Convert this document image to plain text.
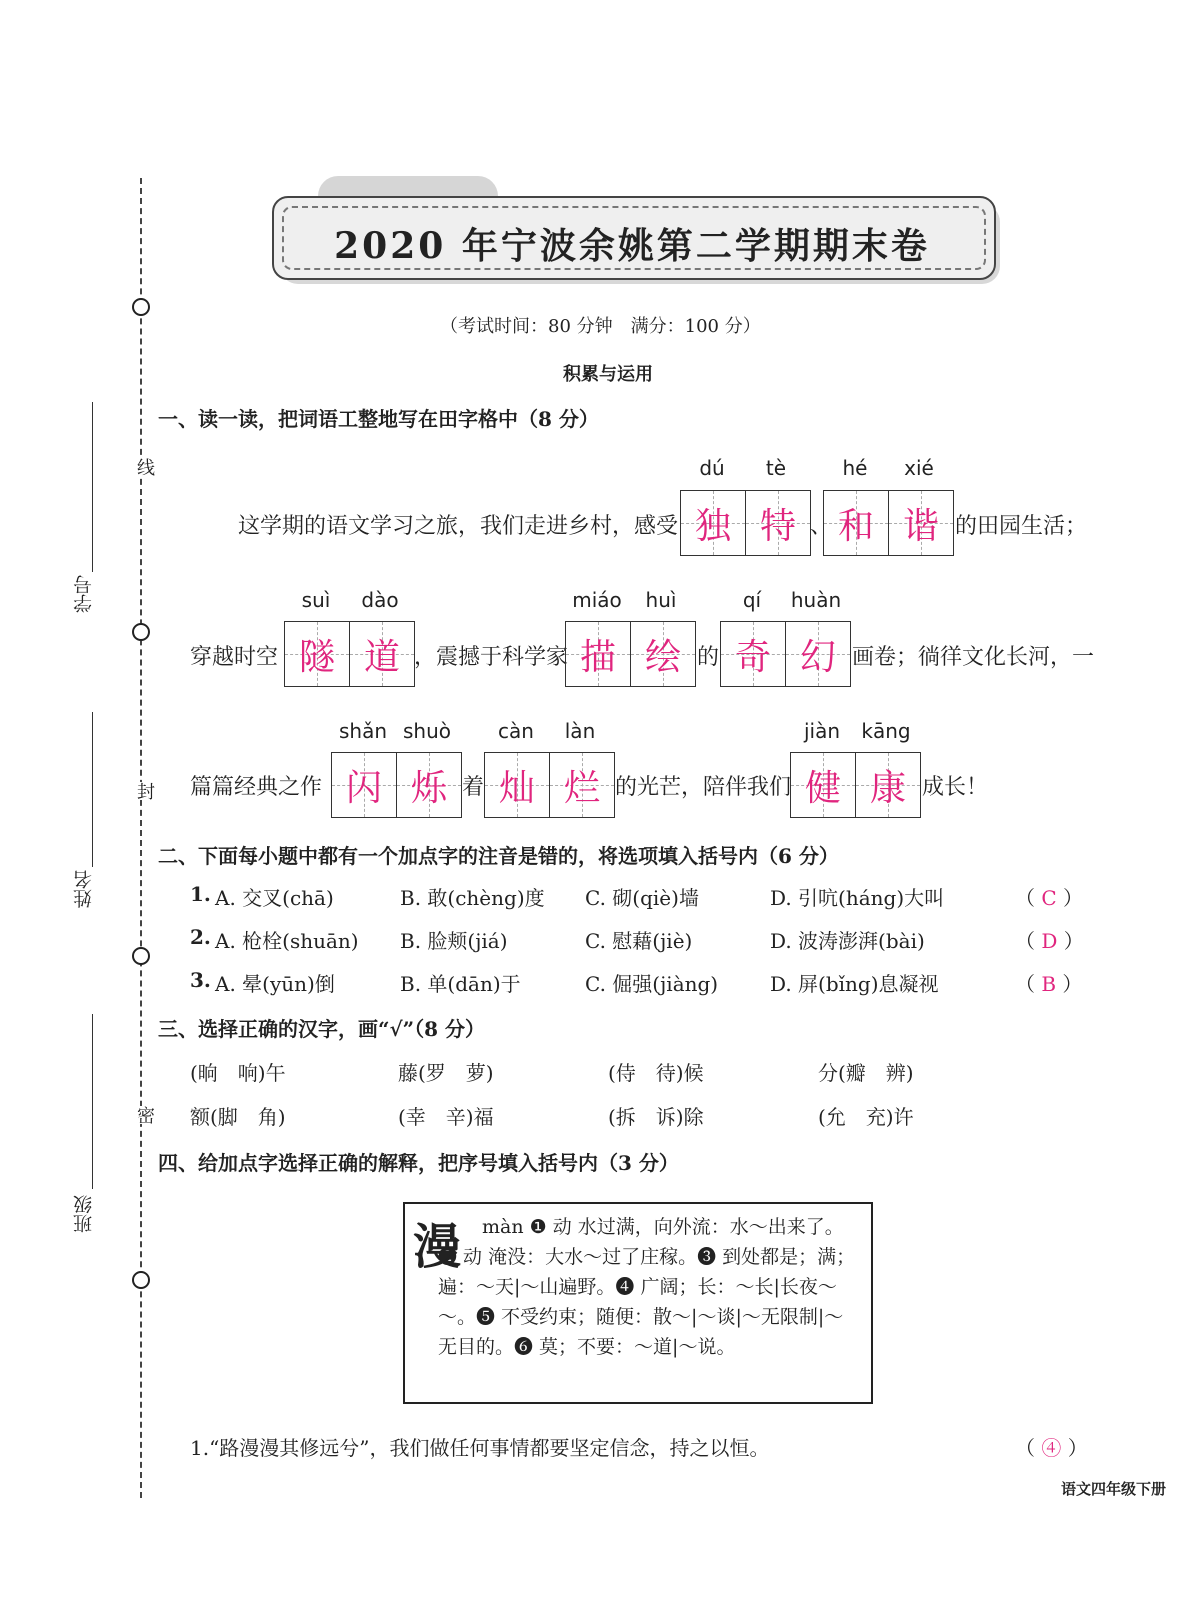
线
封
密
学号
姓名
班级
2020 年宁波余姚第二学期期末卷
（考试时间：80 分钟　满分：100 分）
积累与运用
一、读一读，把词语工整地写在田字格中（8 分）
dú	tè	hé	xié
这学期的语文学习之旅，我们走进乡村，感受 独 特 、 和 谐 的田园生活；
suì	dào	miáo	huì	qí	huàn
穿越时空 隧 道 ，震撼于科学家 描 绘 的 奇 幻 画卷；徜徉文化长河，一
shǎn shuò	càn	làn	jiàn	kāng
篇篇经典之作 闪 烁 着 灿 烂 的光芒，陪伴我们 健 康 成长！
二、下面每小题中都有一个加点字的注音是错的，将选项填入括号内（6 分）
1. A. 交叉(chā)	B. 敢(chèng)度 C. 砌(qiè)墙	D. 引吭(háng)大叫	（ C ）
2. A. 枪栓(shuān) B. 脸颊(jiá)	C. 慰藉(jiè)	D. 波涛澎湃(bài)	（ D ）
3. A. 晕(yūn)倒	B. 单(dān)于	C. 倔强(jiàng)	D. 屏(bǐng)息凝视	（ B ）
三、选择正确的汉字，画“√”（8 分）
(晌　响)午	藤(罗　萝)	(侍　待)候	分(瓣　辨)
额(脚　角)	(幸　辛)福	(拆　诉)除	(允　充)许
四、给加点字选择正确的解释，把序号填入括号内（3 分）
漫	màn ❶ 动 水过满，向外流：水～出来了。❷ 动 淹没：大水～过了庄稼。❸ 到处都是；满；遍：～天|～山遍野。❹ 广阔；长：～长|长夜～～。❺ 不受约束；随便：散～|～谈|～无限制|～无目的。❻ 莫；不要：～道|～说。
1.“路漫漫其修远兮”，我们做任何事情都要坚定信念，持之以恒。	（ ④ ）
语文四年级下册
